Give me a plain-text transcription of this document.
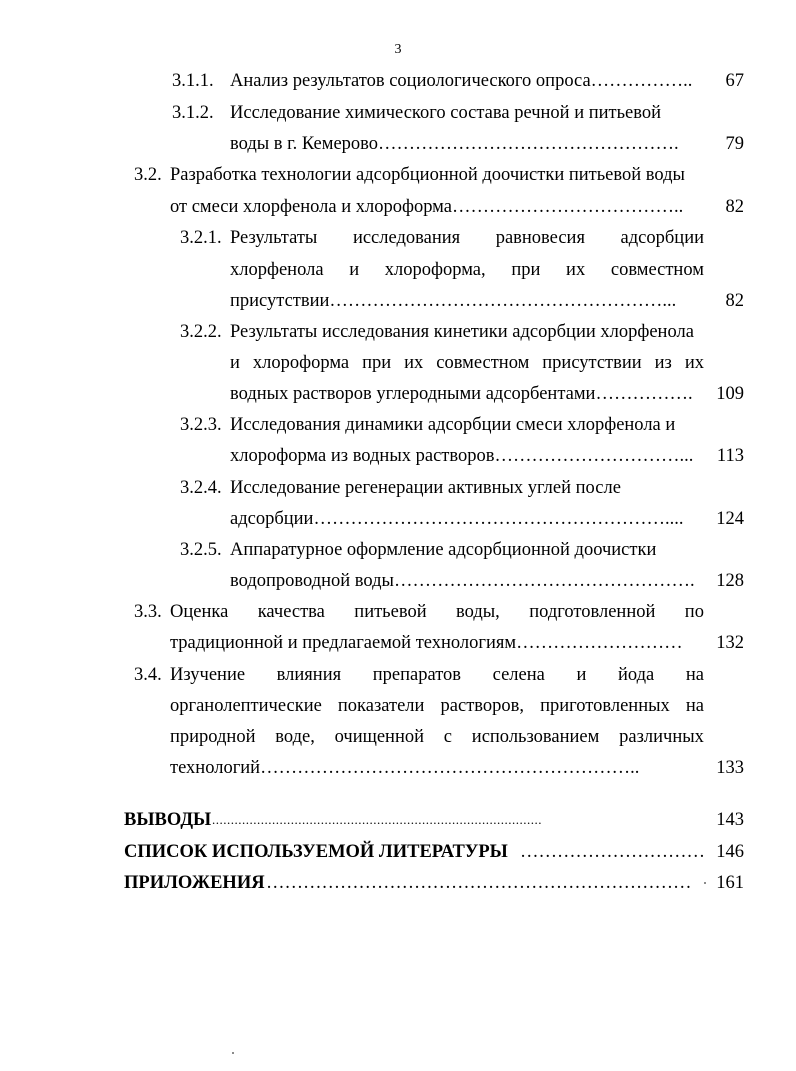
3
3.1.1. Анализ результатов социологического опроса…………….. 67
3.1.2. Исследование химического состава речной и питьевой
воды в г. Кемерово………………………………………….	79
3.2. Разработка технологии адсорбционной доочистки питьевой воды
от смеси хлорфенола и хлороформа……………………………….. 82
3.2.1. Результаты исследования равновесия адсорбции
хлорфенола и хлороформа, при их совместном
присутствии………………………………………………...	82
3.2.2. Результаты исследования кинетики адсорбции хлорфенола
и хлороформа при их совместном присутствии из их
водных растворов углеродными адсорбентами……………. 109
3.2.3. Исследования динамики адсорбции смеси хлорфенола и
хлороформа из водных растворов…………………………... 113
3.2.4. Исследование регенерации активных углей после
адсорбции………………………………………………….... 124
3.2.5. Аппаратурное оформление адсорбционной доочистки
водопроводной воды…………………………………………. 128
3.3. Оценка качества питьевой воды, подготовленной по
традиционной и предлагаемой технологиям……………………… 132
3.4. Изучение влияния препаратов селена и йода на
органолептические показатели растворов, приготовленных на
природной воде, очищенной с использованием различных
технологий……………………………………………………..	133
ВЫВОДЫ ........................................................................................	143
СПИСОК ИСПОЛЬЗУЕМОЙ ЛИТЕРАТУРЫ ………………………… 146
ПРИЛОЖЕНИЯ …………………………………………………………… 161
